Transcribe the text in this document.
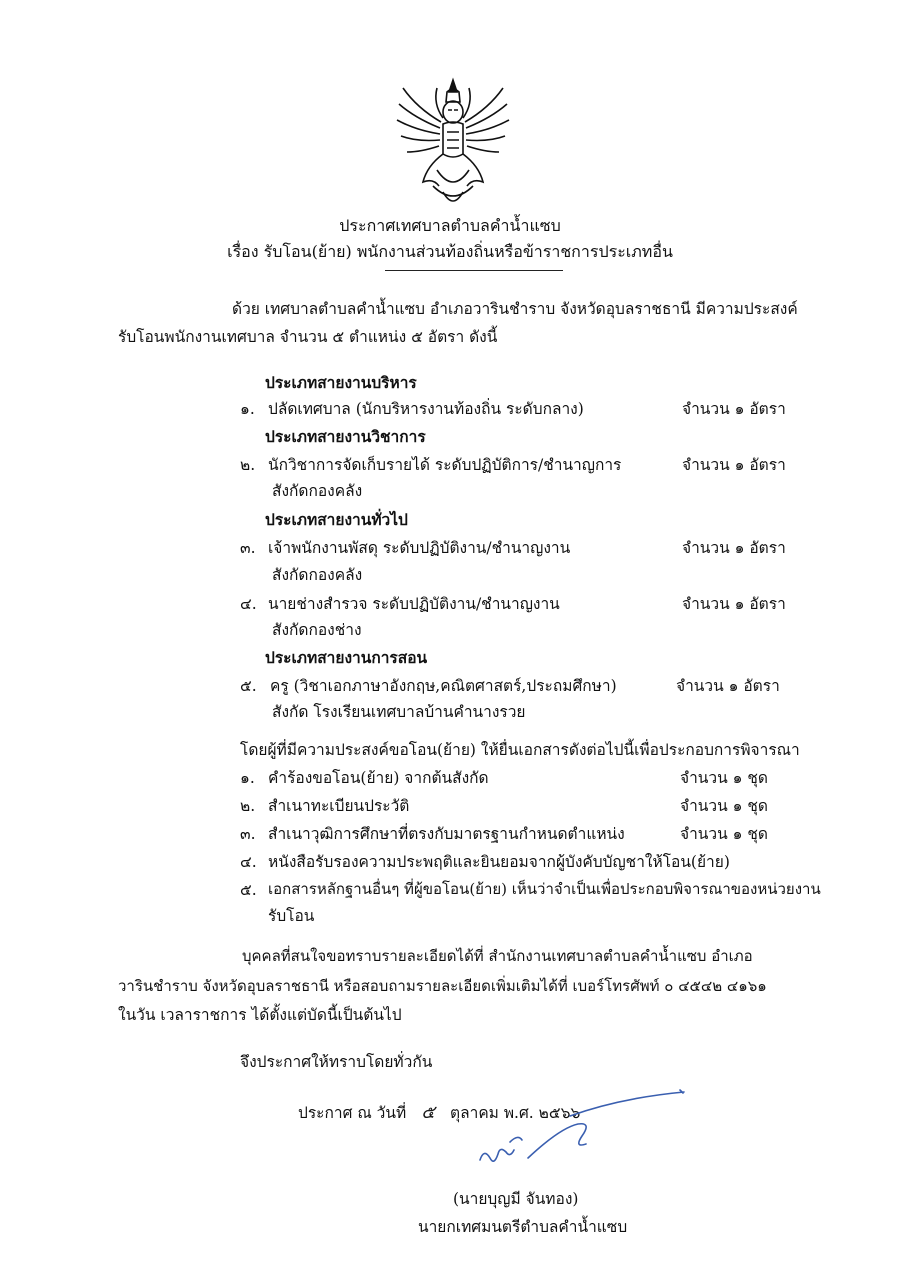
ประกาศเทศบาลตำบลคำน้ำแซบ
เรื่อง รับโอน(ย้าย) พนักงานส่วนท้องถิ่นหรือข้าราชการประเภทอื่น
ด้วย เทศบาลตำบลคำน้ำแซบ อำเภอวารินชำราบ จังหวัดอุบลราชธานี มีความประสงค์
รับโอนพนักงานเทศบาล จำนวน ๕ ตำแหน่ง ๕ อัตรา ดังนี้
ประเภทสายงานบริหาร
๑. ปลัดเทศบาล (นักบริหารงานท้องถิ่น ระดับกลาง)	จำนวน ๑ อัตรา
ประเภทสายงานวิชาการ
๒. นักวิชาการจัดเก็บรายได้ ระดับปฏิบัติการ/ชำนาญการ	จำนวน ๑ อัตรา
สังกัดกองคลัง
ประเภทสายงานทั่วไป
๓. เจ้าพนักงานพัสดุ ระดับปฏิบัติงาน/ชำนาญงาน	จำนวน ๑ อัตรา
สังกัดกองคลัง
๔. นายช่างสำรวจ ระดับปฏิบัติงาน/ชำนาญงาน	จำนวน ๑ อัตรา
สังกัดกองช่าง
ประเภทสายงานการสอน
๕. ครู (วิชาเอกภาษาอังกฤษ,คณิตศาสตร์,ประถมศึกษา)	จำนวน ๑ อัตรา
สังกัด โรงเรียนเทศบาลบ้านคำนางรวย
โดยผู้ที่มีความประสงค์ขอโอน(ย้าย) ให้ยื่นเอกสารดังต่อไปนี้เพื่อประกอบการพิจารณา
๑. คำร้องขอโอน(ย้าย) จากต้นสังกัด	จำนวน ๑ ชุด
๒. สำเนาทะเบียนประวัติ	จำนวน ๑ ชุด
๓. สำเนาวุฒิการศึกษาที่ตรงกับมาตรฐานกำหนดตำแหน่ง	จำนวน ๑ ชุด
๔. หนังสือรับรองความประพฤติและยินยอมจากผู้บังคับบัญชาให้โอน(ย้าย)
๕. เอกสารหลักฐานอื่นๆ ที่ผู้ขอโอน(ย้าย) เห็นว่าจำเป็นเพื่อประกอบพิจารณาของหน่วยงาน
รับโอน
บุคคลที่สนใจขอทราบรายละเอียดได้ที่ สำนักงานเทศบาลตำบลคำน้ำแซบ อำเภอ
วารินชำราบ จังหวัดอุบลราชธานี หรือสอบถามรายละเอียดเพิ่มเติมได้ที่ เบอร์โทรศัพท์ ๐ ๔๕๔๒ ๔๑๖๑
ในวัน เวลาราชการ ได้ตั้งแต่บัดนี้เป็นต้นไป
จึงประกาศให้ทราบโดยทั่วกัน
ประกาศ ณ วันที่ ๕ ตุลาคม พ.ศ. ๒๕๖๖
(นายบุญมี จันทอง)
นายกเทศมนตรีตำบลคำน้ำแซบ
